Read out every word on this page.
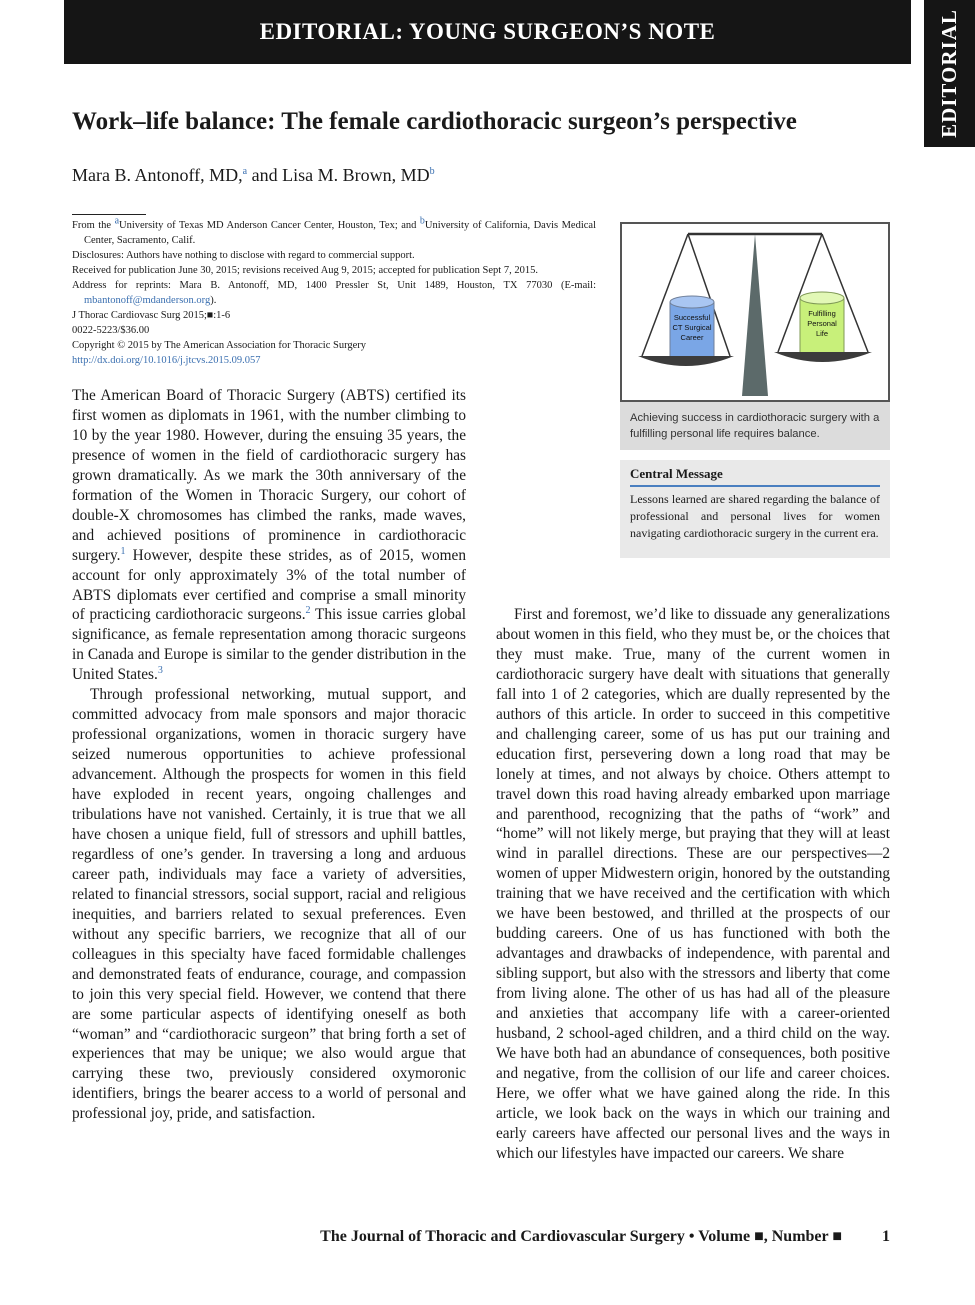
EDITORIAL: YOUNG SURGEON’S NOTE	EDITORIAL
Work–life balance: The female cardiothoracic surgeon’s perspective
Mara B. Antonoff, MD,$^a$ and Lisa M. Brown, $MD^b$

From the $^a$University of Texas MD Anderson Cancer Center, Houston, Tex; and $^b$University of California, Davis Medical Center, Sacramento, Calif.

Disclosures: Authors have nothing to disclose with regard to commercial support.

Received for publication June 30, 2015; revisions received Aug 9, 2015; accepted for publication Sept 7, 2015.

Address for reprints: Mara B. Antonoff, MD, 1400 Pressler St, Unit 1489, Houston, TX 77030 (E-mail: mbantonoff@mdanderson.org).

J Thorac Cardiovasc Surg 2015;■:1-6

0022-5223/$36.00

Copyright © 2015 by The American Association for Thoracic Surgery

http://dx.doi.org/10.1016/j.jtcvs.2015.09.057

Successful
CT Surgical
Career
Fulfilling
Personal
Life
Achieving success in cardiothoracic surgery with a fulfilling personal life requires balance.
Central Message
Lessons learned are shared regarding the balance of professional and personal lives for women navigating cardiothoracic surgery in the current era.

The American Board of Thoracic Surgery (ABTS) certified its first women as diplomats in 1961, with the number climbing to 10 by the year 1980. However, during the ensuing 35 years, the presence of women in the field of cardiothoracic surgery has grown dramatically. As we mark the 30th anniversary of the formation of the Women in Thoracic Surgery, our cohort of double-X chromosomes has climbed the ranks, made waves, and achieved positions of prominence in cardiothoracic surgery.$^1$ However, despite these strides, as of 2015, women account for only approximately 3% of the total number of ABTS diplomats ever certified and comprise a small minority of practicing cardiothoracic surgeons.$^2$ This issue carries global significance, as female representation among thoracic surgeons in Canada and Europe is similar to the gender distribution in the United States.$^3$

Through professional networking, mutual support, and committed advocacy from male sponsors and major thoracic professional organizations, women in thoracic surgery have seized numerous opportunities to achieve professional advancement. Although the prospects for women in this field have exploded in recent years, ongoing challenges and tribulations have not vanished. Certainly, it is true that we all have chosen a unique field, full of stressors and uphill battles, regardless of one’s gender. In traversing a long and arduous career path, individuals may face a variety of adversities, related to financial stressors, social support, racial and religious inequities, and barriers related to sexual preferences. Even without any specific barriers, we recognize that all of our colleagues in this specialty have faced formidable challenges and demonstrated feats of endurance, courage, and compassion to join this very special field. However, we contend that there are some particular aspects of identifying oneself as both “woman” and “cardiothoracic surgeon” that bring forth a set of experiences that may be unique; we also would argue that carrying these two, previously considered oxymoronic identifiers, brings the bearer access to a world of personal and professional joy, pride, and satisfaction.

First and foremost, we’d like to dissuade any generalizations about women in this field, who they must be, or the choices that they must make. True, many of the current women in cardiothoracic surgery have dealt with situations that generally fall into 1 of 2 categories, which are dually represented by the authors of this article. In order to succeed in this competitive and challenging career, some of us has put our training and education first, persevering down a long road that may be lonely at times, and not always by choice. Others attempt to travel down this road having already embarked upon marriage and parenthood, recognizing that the paths of “work” and “home” will not likely merge, but praying that they will at least wind in parallel directions. These are our perspectives—2 women of upper Midwestern origin, honored by the outstanding training that we have received and the certification with which we have been bestowed, and thrilled at the prospects of our budding careers. One of us has functioned with both the advantages and drawbacks of independence, with parental and sibling support, but also with the stressors and liberty that come from living alone. The other of us has had all of the pleasure and anxieties that accompany life with a career-oriented husband, 2 school-aged children, and a third child on the way. We have both had an abundance of consequences, both positive and negative, from the collision of our life and career choices. Here, we offer what we have gained along the ride. In this article, we look back on the ways in which our training and early careers have affected our personal lives and the ways in which our lifestyles have impacted our careers. We share

The Journal of Thoracic and Cardiovascular Surgery • Volume ■, Number ■	1
